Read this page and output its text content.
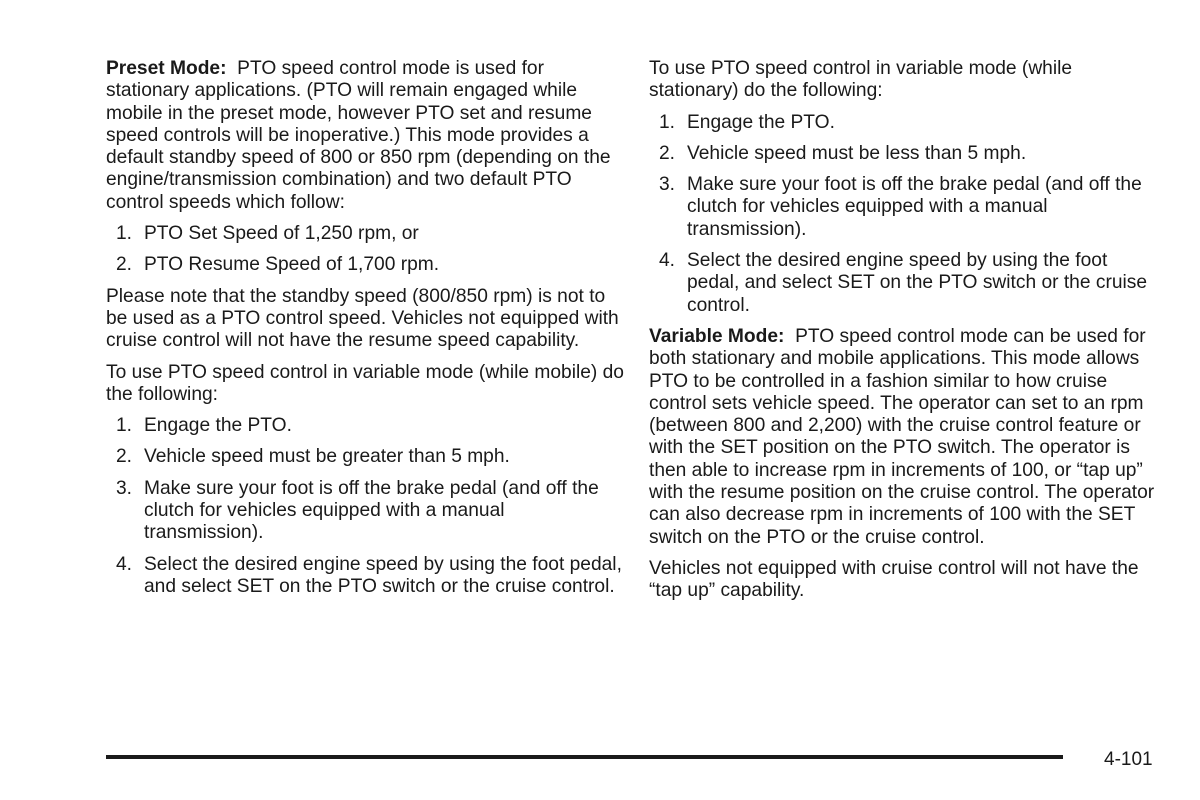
Preset Mode: PTO speed control mode is used for stationary applications. (PTO will remain engaged while mobile in the preset mode, however PTO set and resume speed controls will be inoperative.) This mode provides a default standby speed of 800 or 850 rpm (depending on the engine/transmission combination) and two default PTO control speeds which follow:

1. PTO Set Speed of 1,250 rpm, or
2. PTO Resume Speed of 1,700 rpm.

Please note that the standby speed (800/850 rpm) is not to be used as a PTO control speed. Vehicles not equipped with cruise control will not have the resume speed capability.

To use PTO speed control in variable mode (while mobile) do the following:

1. Engage the PTO.
2. Vehicle speed must be greater than 5 mph.
3. Make sure your foot is off the brake pedal (and off the clutch for vehicles equipped with a manual transmission).
4. Select the desired engine speed by using the foot pedal, and select SET on the PTO switch or the cruise control.

To use PTO speed control in variable mode (while stationary) do the following:

1. Engage the PTO.
2. Vehicle speed must be less than 5 mph.
3. Make sure your foot is off the brake pedal (and off the clutch for vehicles equipped with a manual transmission).
4. Select the desired engine speed by using the foot pedal, and select SET on the PTO switch or the cruise control.

Variable Mode: PTO speed control mode can be used for both stationary and mobile applications. This mode allows PTO to be controlled in a fashion similar to how cruise control sets vehicle speed. The operator can set to an rpm (between 800 and 2,200) with the cruise control feature or with the SET position on the PTO switch. The operator is then able to increase rpm in increments of 100, or “tap up” with the resume position on the cruise control. The operator can also decrease rpm in increments of 100 with the SET switch on the PTO or the cruise control.

Vehicles not equipped with cruise control will not have the “tap up” capability.

4-101
